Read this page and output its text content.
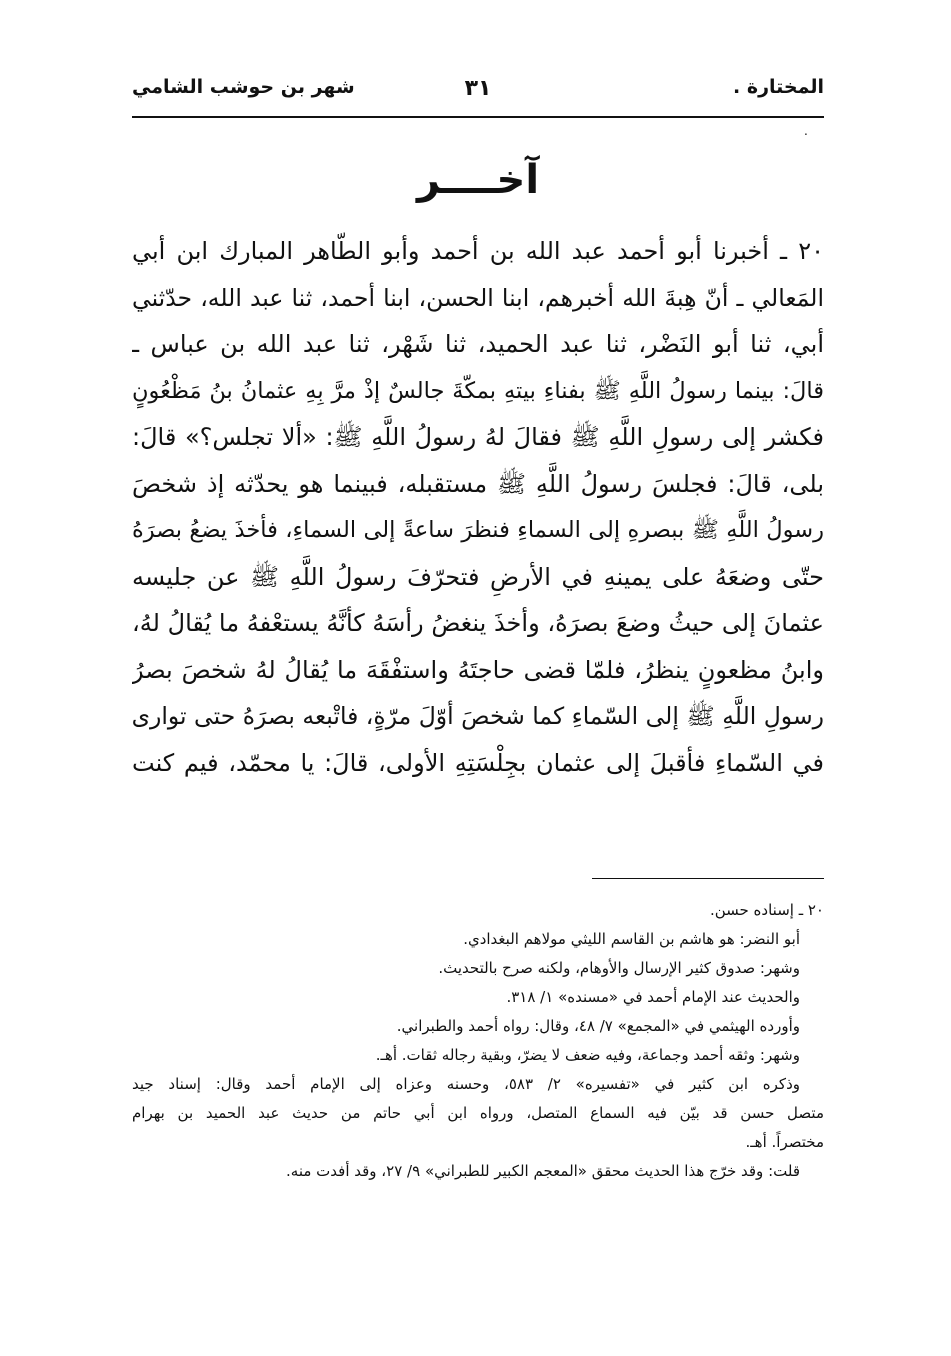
المختارة .
٣١
شهر بن حوشب الشامي
.
آخــــر
٢٠ ـ أخبرنا أبو أحمد عبد الله بن أحمد وأبو الطّاهر المبارك ابن أبي
المَعالي ـ أنّ هِبةَ الله أخبرهم، ابنا الحسن، ابنا أحمد، ثنا عبد الله، حدّثني
أبي، ثنا أبو النَضْر، ثنا عبد الحميد، ثنا شَهْر، ثنا عبد الله بن عباس ـ
قالَ: بينما رسولُ اللَّهِ ﷺ بفناءِ بيتهِ بمكّةَ جالسٌ إذْ مرَّ بِهِ عثمانُ بنُ مَظْعُونٍ
فكشر إلى رسولِ اللَّهِ ﷺ فقالَ لهُ رسولُ اللَّهِ ﷺ: «ألا تجلس؟» قالَ:
بلى، قالَ: فجلسَ رسولُ اللَّهِ ﷺ مستقبله، فبينما هو يحدّثه إذ شخصَ
رسولُ اللَّهِ ﷺ ببصرهِ إلى السماءِ فنظرَ ساعةً إلى السماءِ، فأخذَ يضعُ بصرَهُ
حتّى وضعَهُ على يمينهِ في الأرضِ فتحرّفَ رسولُ اللَّهِ ﷺ عن جليسه
عثمانَ إلى حيثُ وضعَ بصرَهُ، وأخذَ ينغضُ رأسَهُ كأنَّهُ يستعْفهُ ما يُقالُ لهُ،
وابنُ مظعونٍ ينظرُ، فلمّا قضى حاجتَهُ واستفْقَهَ ما يُقالُ لهُ شخصَ بصرُ
رسولِ اللَّهِ ﷺ إلى السّماءِ كما شخصَ أوّلَ مرّةٍ، فاتْبعه بصرَهُ حتى توارى
في السّماءِ فأقبلَ إلى عثمان بجِلْسَتِهِ الأولى، قالَ: يا محمّد، فيم كنت
٢٠ ـ إسناده حسن.
أبو النضر: هو هاشم بن القاسم الليثي مولاهم البغدادي.
وشهر: صدوق كثير الإرسال والأوهام، ولكنه صرح بالتحديث.
والحديث عند الإمام أحمد في «مسنده» ١/ ٣١٨.
وأورده الهيثمي في «المجمع» ٧/ ٤٨، وقال: رواه أحمد والطبراني.
وشهر: وثقه أحمد وجماعة، وفيه ضعف لا يضرّ، وبقية رجاله ثقات. أهـ.
وذكره ابن كثير في «تفسيره» ٢/ ٥٨٣، وحسنه وعزاه إلى الإمام أحمد وقال: إسناد جيد
متصل حسن قد بيّن فيه السماع المتصل، ورواه ابن أبي حاتم من حديث عبد الحميد بن بهرام
مختصراً. أهـ.
قلت: وقد خرّج هذا الحديث محقق «المعجم الكبير للطبراني» ٩/ ٢٧، وقد أفدت منه.
